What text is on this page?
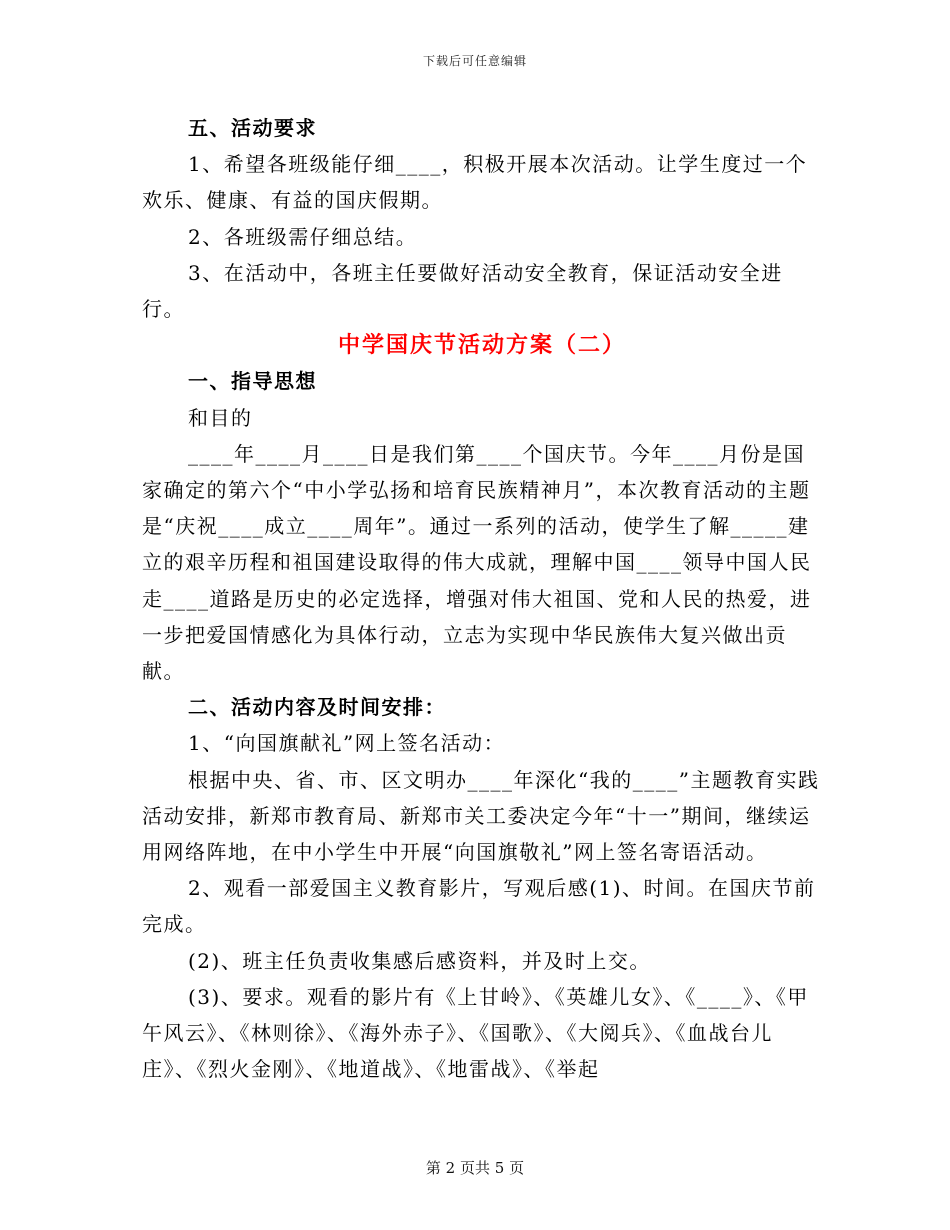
下载后可任意编辑

五、活动要求

1、希望各班级能仔细____，积极开展本次活动。让学生度过一个欢乐、健康、有益的国庆假期。

2、各班级需仔细总结。

3、在活动中，各班主任要做好活动安全教育，保证活动安全进行。

中学国庆节活动方案（二）

一、指导思想

和目的

____年____月____日是我们第____个国庆节。今年____月份是国家确定的第六个“中小学弘扬和培育民族精神月”，本次教育活动的主题是“庆祝____成立____周年”。通过一系列的活动，使学生了解_____建立的艰辛历程和祖国建设取得的伟大成就，理解中国____领导中国人民走____道路是历史的必定选择，增强对伟大祖国、党和人民的热爱，进一步把爱国情感化为具体行动，立志为实现中华民族伟大复兴做出贡献。

二、活动内容及时间安排：

1、“向国旗献礼”网上签名活动：

根据中央、省、市、区文明办____年深化“我的____”主题教育实践活动安排，新郑市教育局、新郑市关工委决定今年“十一”期间，继续运用网络阵地，在中小学生中开展“向国旗敬礼”网上签名寄语活动。

2、观看一部爱国主义教育影片，写观后感(1)、时间。在国庆节前完成。

(2)、班主任负责收集感后感资料，并及时上交。

(3)、要求。观看的影片有《上甘岭》、《英雄儿女》、《____》、《甲午风云》、《林则徐》、《海外赤子》、《国歌》、《大阅兵》、《血战台儿庄》、《烈火金刚》、《地道战》、《地雷战》、《举起

第 2 页共 5 页
